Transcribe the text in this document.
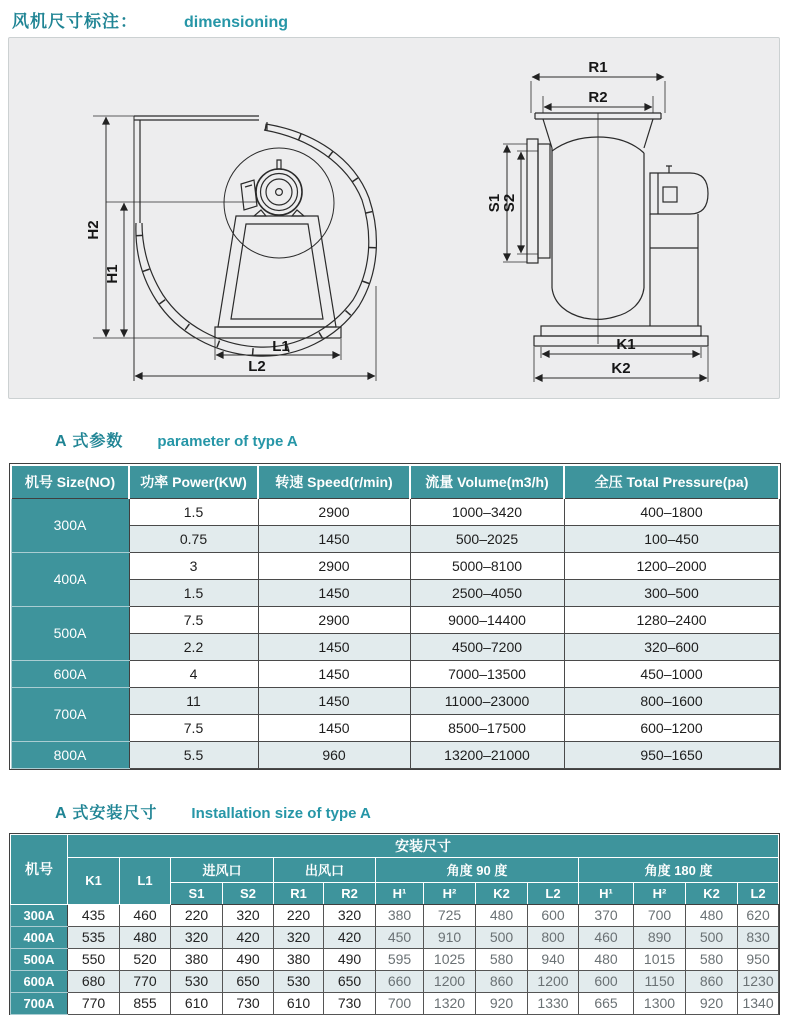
风机尺寸标注：	dimensioning
H2
H1
L1
L2
R1
R2
S1
S2
K1
K2
A 式参数 parameter of type A
机号 Size(NO)	功率 Power(KW)	转速 Speed(r/min)	流量 Volume(m3/h)	全压 Total Pressure(pa)
300A	1.5	2900	1000–3420	400–1800
	0.75	1450	500–2025	100–450
400A	3	2900	5000–8100	1200–2000
	1.5	1450	2500–4050	300–500
500A	7.5	2900	9000–14400	1280–2400
	2.2	1450	4500–7200	320–600
600A	4	1450	7000–13500	450–1000
700A	11	1450	11000–23000	800–1600
	7.5	1450	8500–17500	600–1200
800A	5.5	960	13200–21000	950–1650
A 式安装尺寸 Installation size of type A
机号	安装尺寸													
	K1	L1	进风口		出风口		角度 90 度				角度 180 度			
			S1	S2	R1	R2	H¹	H²	K2	L2	H¹	H²	K2	L2
300A	435	460	220	320	220	320	380	725	480	600	370	700	480	620
400A	535	480	320	420	320	420	450	910	500	800	460	890	500	830
500A	550	520	380	490	380	490	595	1025	580	940	480	1015	580	950
600A	680	770	530	650	530	650	660	1200	860	1200	600	1150	860	1230
700A	770	855	610	730	610	730	700	1320	920	1330	665	1300	920	1340
